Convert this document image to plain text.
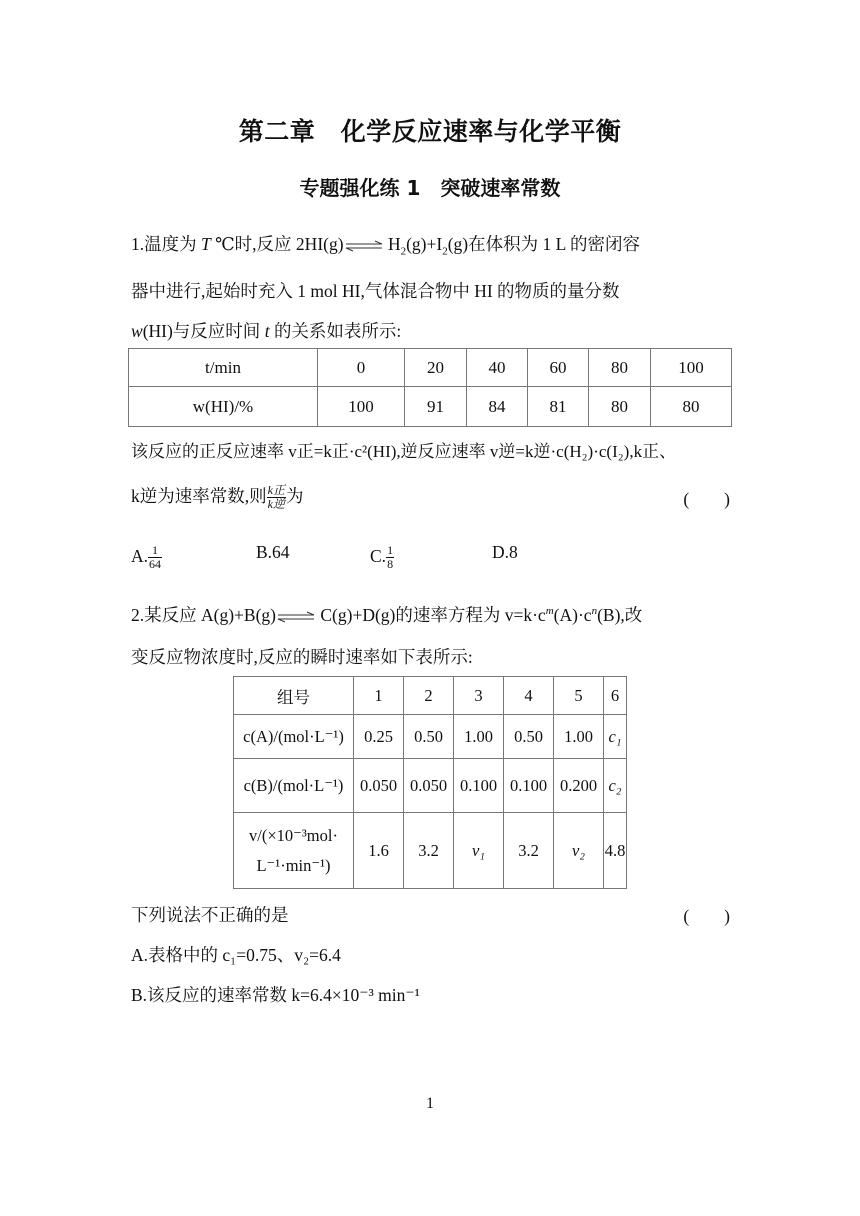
第二章　化学反应速率与化学平衡
专题强化练 1　突破速率常数
1.温度为 T ℃时,反应 2HI(g)⇌ $H_2(g)+I_2(g)$在体积为 1 L 的密闭容
器中进行,起始时充入 1 mol HI,气体混合物中 HI 的物质的量分数
w(HI)与反应时间 t 的关系如表所示:
t/min	0	20	40	60	80	100
w(HI)/%	100	91	84	81	80	80
该反应的正反应速率 v正=k正·c²(HI),逆反应速率 v逆=k逆·c(H₂)·c(I₂),k正、
k逆为速率常数,则 $\frac{\text{k正}}{\text{k逆}}$ 为	(　　)
A. $\frac{1}{64}$	B.64	C. $\frac{1}{8}$	D.8
2.某反应 A(g)+B(g)⇌ C(g)+D(g)的速率方程为 $v=k\cdot c^m(A)\cdot c^n(B)$,改
变反应物浓度时,反应的瞬时速率如下表所示:
组号	1	2	3	4	5	6
c(A)/(mol·L⁻¹)	0.25	0.50	1.00	0.50	1.00	c₁
c(B)/(mol·L⁻¹)	0.050	0.050	0.100	0.100	0.200	c₂
v/(×10⁻³mol·
L⁻¹·min⁻¹)	1.6	3.2	v₁	3.2	v₂	4.8
下列说法不正确的是	(　　)
A.表格中的 c₁=0.75、v₂=6.4
B.该反应的速率常数 k=6.4×10⁻³ min⁻¹
1
